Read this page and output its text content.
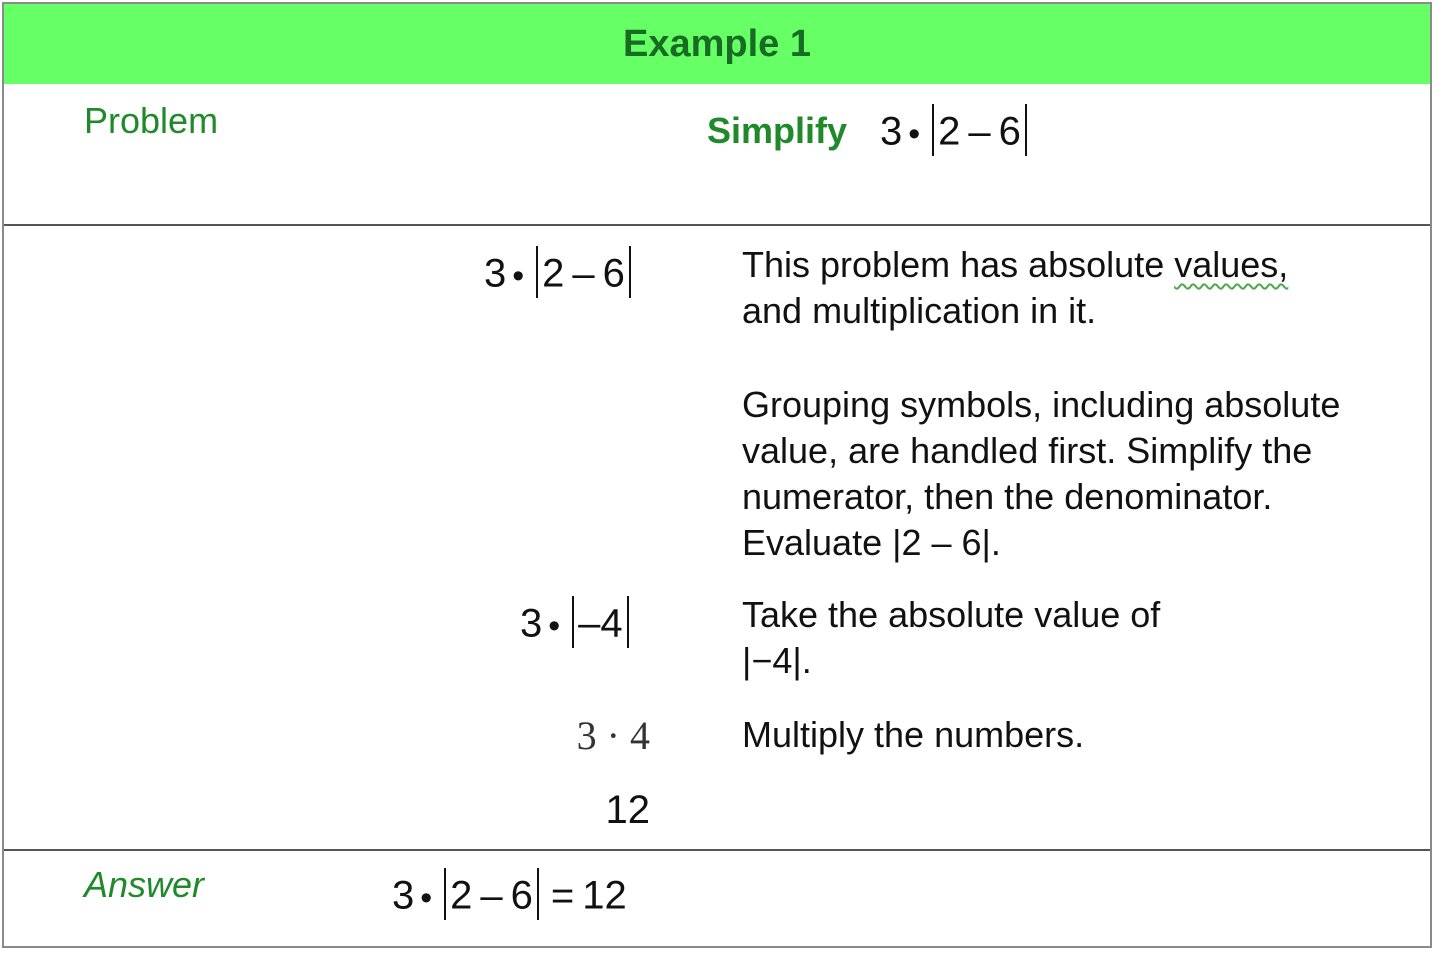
Example 1
Problem	Simplify 3 • 2 – 6
3 • 2 – 6	This problem has absolute values,
and multiplication in it.
Grouping symbols, including absolute
value, are handled first. Simplify the
numerator, then the denominator.
Evaluate |2 – 6|.
3 • –4	Take the absolute value of
|−4|.
3 · 4	Multiply the numbers.
12
Answer	3 • 2 – 6 = 12
